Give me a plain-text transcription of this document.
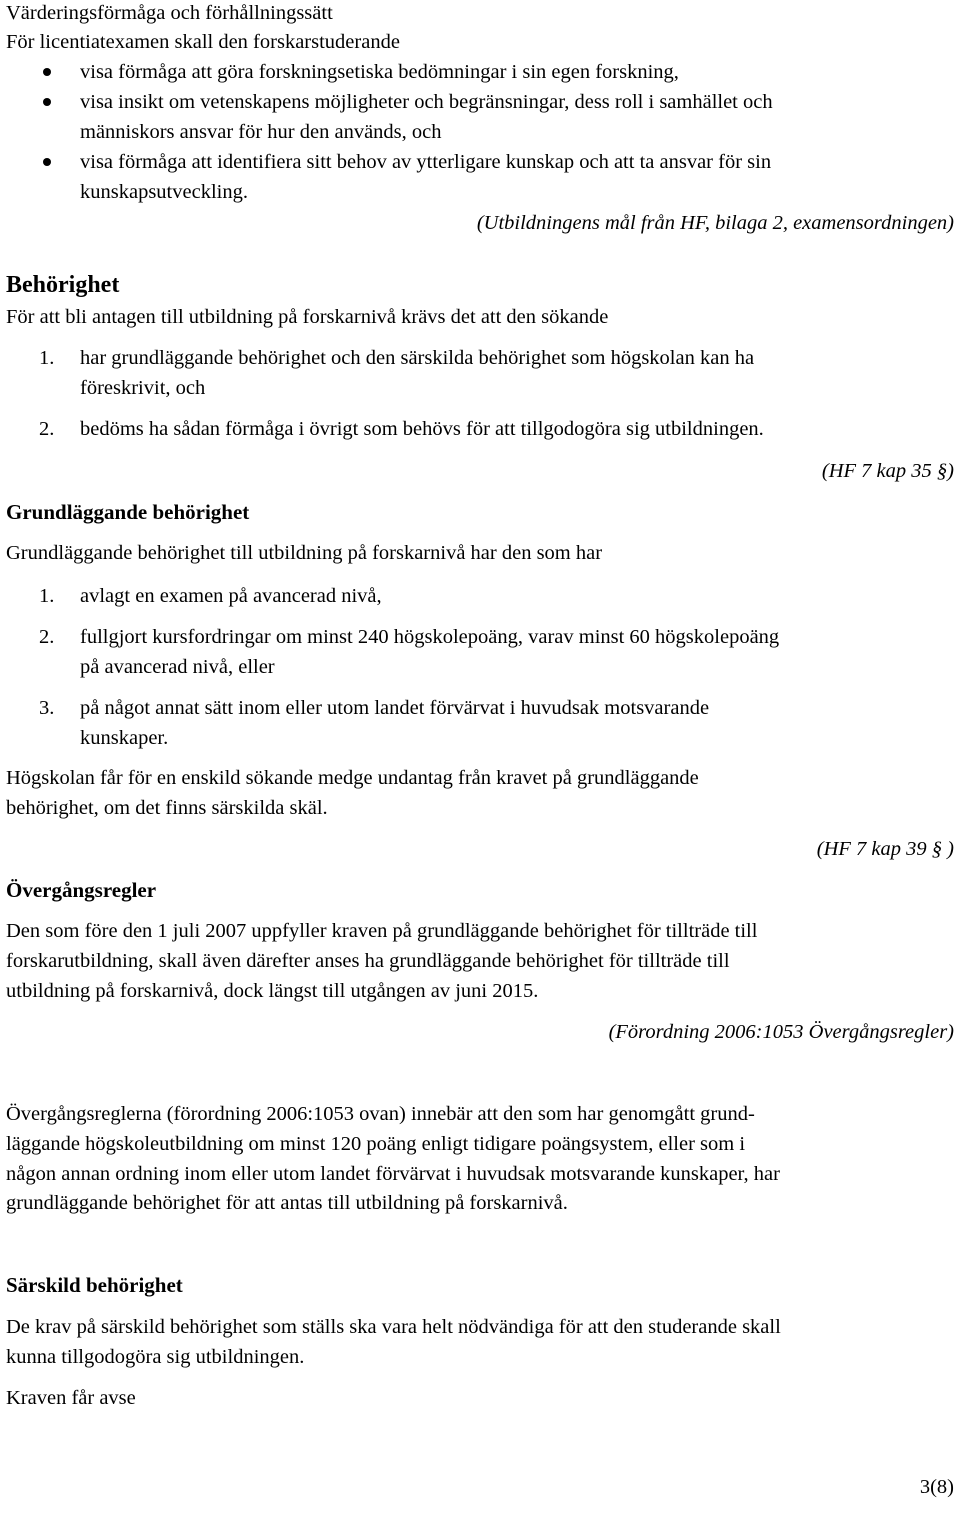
Värderingsförmåga och förhållningssätt
För licentiatexamen skall den forskarstuderande
visa förmåga att göra forskningsetiska bedömningar i sin egen forskning,
visa insikt om vetenskapens möjligheter och begränsningar, dess roll i samhället och
människors ansvar för hur den används, och
visa förmåga att identifiera sitt behov av ytterligare kunskap och att ta ansvar för sin
kunskapsutveckling.
(Utbildningens mål från HF, bilaga 2, examensordningen)
Behörighet
För att bli antagen till utbildning på forskarnivå krävs det att den sökande
1. har grundläggande behörighet och den särskilda behörighet som högskolan kan ha
föreskrivit, och
2. bedöms ha sådan förmåga i övrigt som behövs för att tillgodogöra sig utbildningen.
(HF 7 kap 35 §)
Grundläggande behörighet
Grundläggande behörighet till utbildning på forskarnivå har den som har
1. avlagt en examen på avancerad nivå,
2. fullgjort kursfordringar om minst 240 högskolepoäng, varav minst 60 högskolepoäng
på avancerad nivå, eller
3. på något annat sätt inom eller utom landet förvärvat i huvudsak motsvarande
kunskaper.
Högskolan får för en enskild sökande medge undantag från kravet på grundläggande
behörighet, om det finns särskilda skäl.
(HF 7 kap 39 § )
Övergångsregler
Den som före den 1 juli 2007 uppfyller kraven på grundläggande behörighet för tillträde till
forskarutbildning, skall även därefter anses ha grundläggande behörighet för tillträde till
utbildning på forskarnivå, dock längst till utgången av juni 2015.
(Förordning 2006:1053 Övergångsregler)
Övergångsreglerna (förordning 2006:1053 ovan) innebär att den som har genomgått grund-
läggande högskoleutbildning om minst 120 poäng enligt tidigare poängsystem, eller som i
någon annan ordning inom eller utom landet förvärvat i huvudsak motsvarande kunskaper, har
grundläggande behörighet för att antas till utbildning på forskarnivå.
Särskild behörighet
De krav på särskild behörighet som ställs ska vara helt nödvändiga för att den studerande skall
kunna tillgodogöra sig utbildningen.
Kraven får avse
3(8)
